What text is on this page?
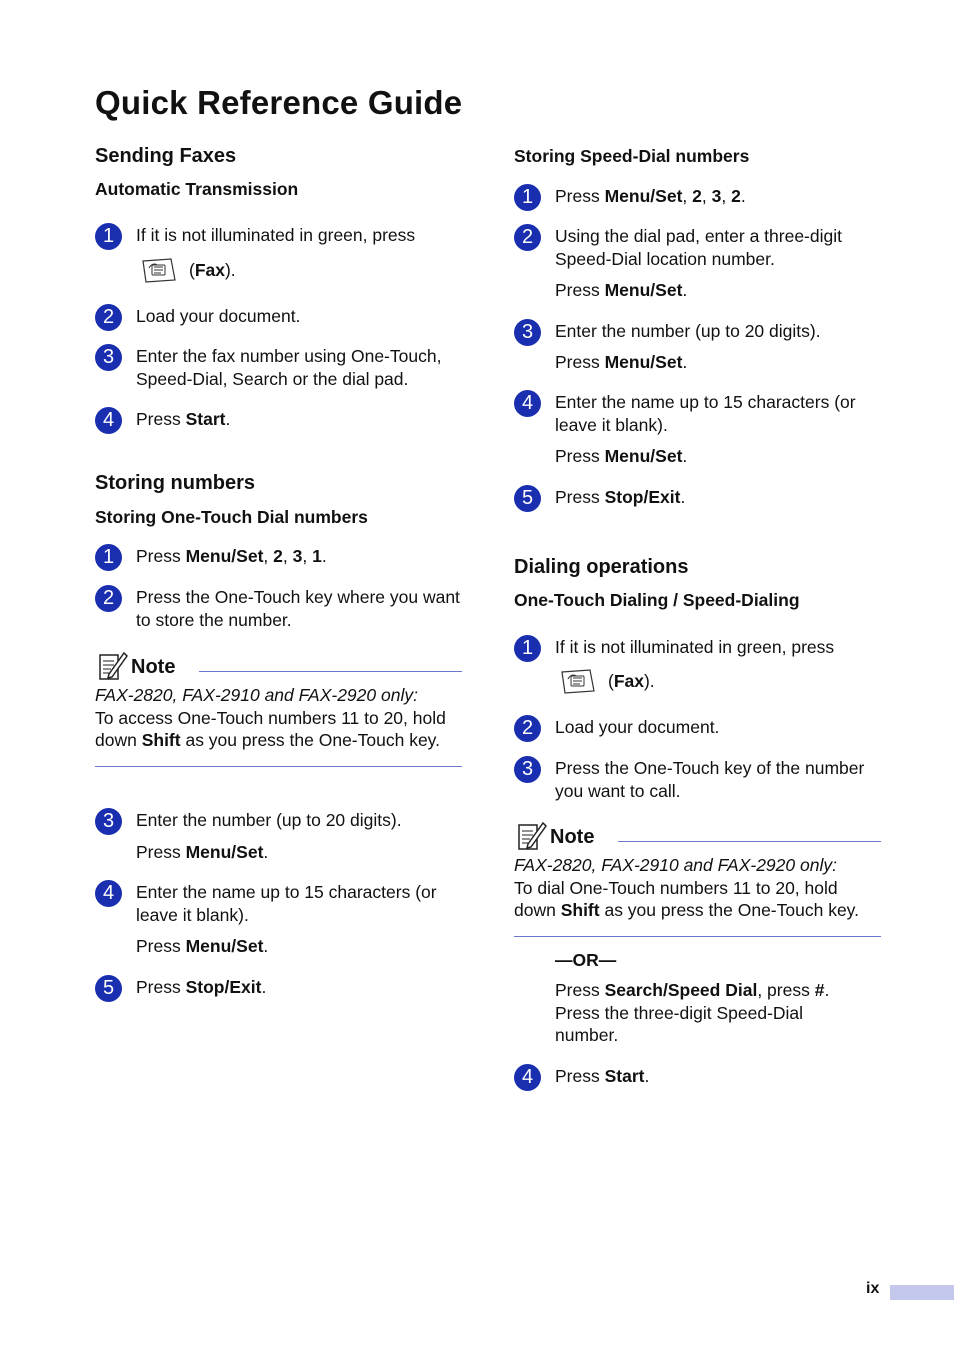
Quick Reference Guide
Sending Faxes
Automatic Transmission
1	If it is not illuminated in green, press
( Fax ).
2	Load your document.
3	Enter the fax number using One-Touch, Speed-Dial, Search or the dial pad.
4	Press Start.
Storing numbers
Storing One-Touch Dial numbers
1	Press Menu/Set, 2, 3, 1.
2	Press the One-Touch key where you want to store the number.
Note
FAX-2820, FAX-2910 and FAX-2920 only:
To access One-Touch numbers 11 to 20, hold down Shift as you press the One-Touch key.
3	Enter the number (up to 20 digits).
Press Menu/Set.
4	Enter the name up to 15 characters (or leave it blank).
Press Menu/Set.
5	Press Stop/Exit.
Storing Speed-Dial numbers
1	Press Menu/Set, 2, 3, 2.
2	Using the dial pad, enter a three-digit Speed-Dial location number.
Press Menu/Set.
3	Enter the number (up to 20 digits).
Press Menu/Set.
4	Enter the name up to 15 characters (or leave it blank).
Press Menu/Set.
5	Press Stop/Exit.
Dialing operations
One-Touch Dialing / Speed-Dialing
1	If it is not illuminated in green, press
( Fax ).
2	Load your document.
3	Press the One-Touch key of the number you want to call.
Note
FAX-2820, FAX-2910 and FAX-2920 only:
To dial One-Touch numbers 11 to 20, hold down Shift as you press the One-Touch key.
—OR—
Press Search/Speed Dial, press #. Press the three-digit Speed-Dial number.
4	Press Start.
ix
